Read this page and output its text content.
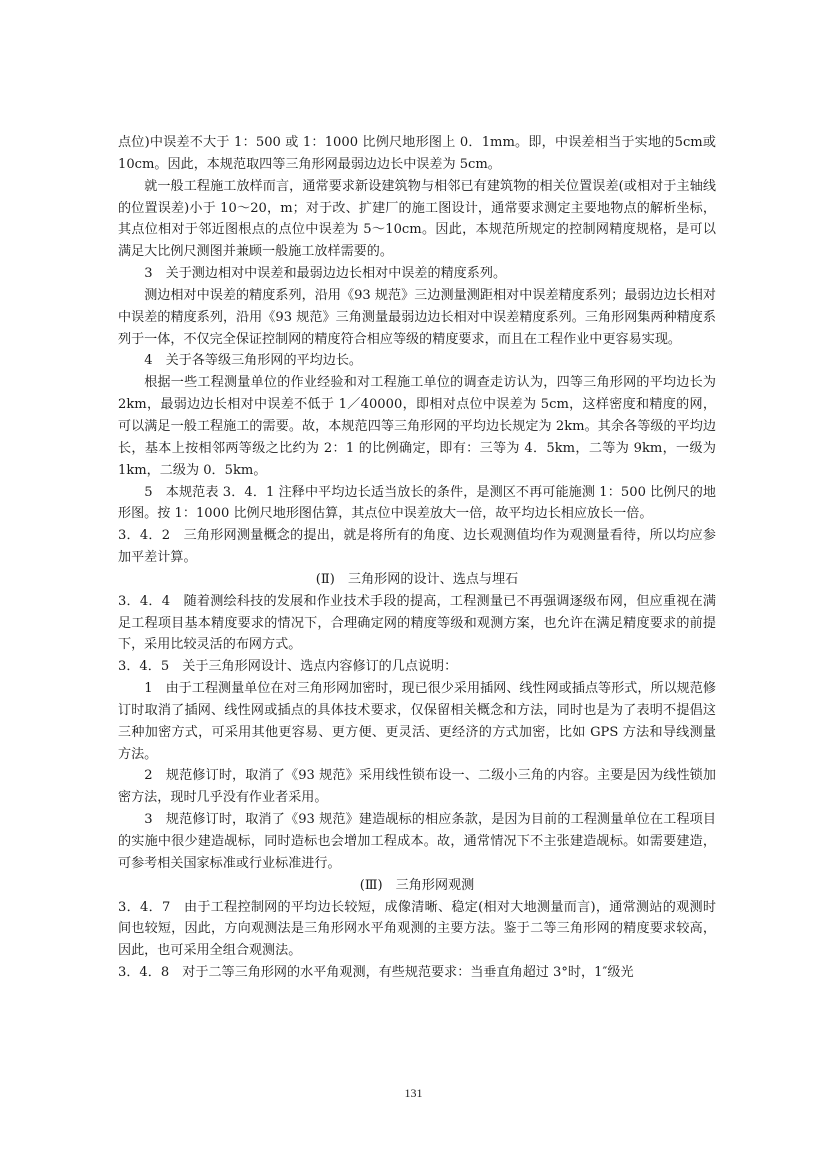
点位)中误差不大于 1：500 或 1：1000 比例尺地形图上 0．1mm。即，中误差相当于实地的5cm或10cm。因此，本规范取四等三角形网最弱边边长中误差为 5cm。

就一般工程施工放样而言，通常要求新设建筑物与相邻已有建筑物的相关位置误差(或相对于主轴线的位置误差)小于 10～20，m；对于改、扩建厂的施工图设计，通常要求测定主要地物点的解析坐标，其点位相对于邻近图根点的点位中误差为 5～10cm。因此，本规范所规定的控制网精度规格，是可以满足大比例尺测图并兼顾一般施工放样需要的。

3　关于测边相对中误差和最弱边边长相对中误差的精度系列。

测边相对中误差的精度系列，沿用《93 规范》三边测量测距相对中误差精度系列；最弱边边长相对中误差的精度系列，沿用《93 规范》三角测量最弱边边长相对中误差精度系列。三角形网集两种精度系列于一体，不仅完全保证控制网的精度符合相应等级的精度要求，而且在工程作业中更容易实现。

4　关于各等级三角形网的平均边长。

根据一些工程测量单位的作业经验和对工程施工单位的调查走访认为，四等三角形网的平均边长为 2km，最弱边边长相对中误差不低于 1／40000，即相对点位中误差为 5cm，这样密度和精度的网，可以满足一般工程施工的需要。故，本规范四等三角形网的平均边长规定为 2km。其余各等级的平均边长，基本上按相邻两等级之比约为 2：1 的比例确定，即有：三等为 4．5km，二等为 9km，一级为 1km，二级为 0．5km。

5　本规范表 3．4．1 注释中平均边长适当放长的条件，是测区不再可能施测 1：500 比例尺的地形图。按 1：1000 比例尺地形图估算，其点位中误差放大一倍，故平均边长相应放长一倍。

3．4．2　三角形网测量概念的提出，就是将所有的角度、边长观测值均作为观测量看待，所以均应参加平差计算。

(Ⅱ)　三角形网的设计、选点与埋石

3．4．4　随着测绘科技的发展和作业技术手段的提高，工程测量已不再强调逐级布网，但应重视在满足工程项目基本精度要求的情况下，合理确定网的精度等级和观测方案，也允许在满足精度要求的前提下，采用比较灵活的布网方式。

3．4．5　关于三角形网设计、选点内容修订的几点说明：

1　由于工程测量单位在对三角形网加密时，现已很少采用插网、线性网或插点等形式，所以规范修订时取消了插网、线性网或插点的具体技术要求，仅保留相关概念和方法，同时也是为了表明不提倡这三种加密方式，可采用其他更容易、更方便、更灵活、更经济的方式加密，比如 GPS 方法和导线测量方法。

2　规范修订时，取消了《93 规范》采用线性锁布设一、二级小三角的内容。主要是因为线性锁加密方法，现时几乎没有作业者采用。

3　规范修订时，取消了《93 规范》建造觇标的相应条款，是因为目前的工程测量单位在工程项目的实施中很少建造觇标，同时造标也会增加工程成本。故，通常情况下不主张建造觇标。如需要建造，可参考相关国家标准或行业标准进行。

(Ⅲ)　三角形网观测

3．4．7　由于工程控制网的平均边长较短，成像清晰、稳定(相对大地测量而言)，通常测站的观测时间也较短，因此，方向观测法是三角形网水平角观测的主要方法。鉴于二等三角形网的精度要求较高，因此，也可采用全组合观测法。

3．4．8　对于二等三角形网的水平角观测，有些规范要求：当垂直角超过 3°时，1″级光

131
